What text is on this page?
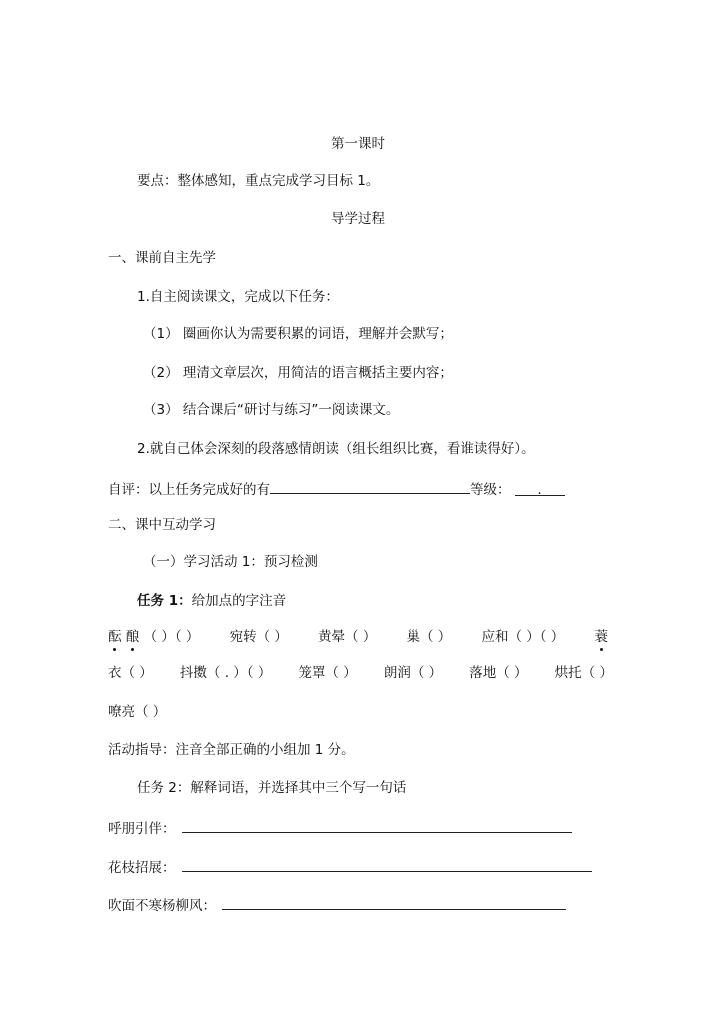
第一课时
要点：整体感知，重点完成学习目标 1。
导学过程
一、课前自主先学
1.自主阅读课文，完成以下任务：
（1） 圈画你认为需要积累的词语，理解并会默写；
（2） 理清文章层次，用简洁的语言概括主要内容；
（3） 结合课后“研讨与练习”一阅读课文。
2.就自己体会深刻的段落感情朗读（组长组织比赛，看谁读得好）。
自评：以上任务完成好的有	等级：.
二、课中互动学习
（一）学习活动 1：预习检测
任务 1：给加点的字注音
酝 酿 （ ）（ ） 宛转（ ） 黄晕（ ） 巢（ ） 应和（ ）（ ） 蓑
衣（ ） 抖擞（ . ）（ ） 笼罩（ ） 朗润（ ） 落地（ ） 烘托（ ）
嘹亮（ ）
活动指导：注音全部正确的小组加 1 分。
任务 2：解释词语，并选择其中三个写一句话
呼朋引伴：
花枝招展：
吹面不寒杨柳风：
